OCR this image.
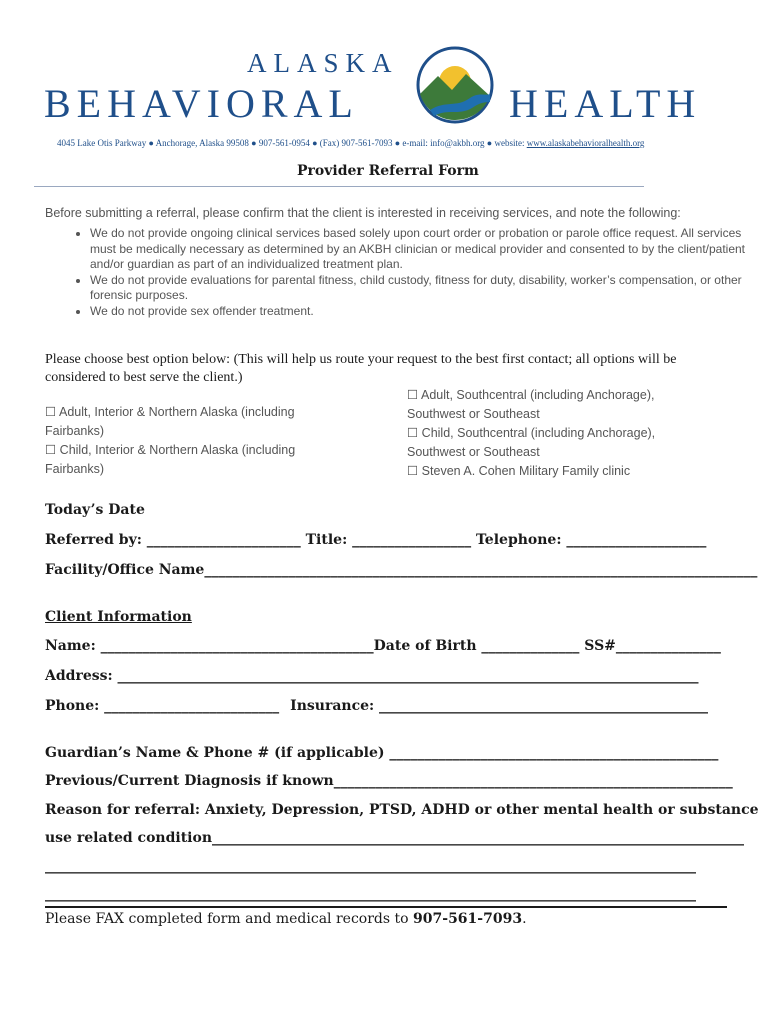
ALASKA
BEHAVIORAL	HEALTH
4045 Lake Otis Parkway ● Anchorage, Alaska 99508 ● 907-561-0954 ● (Fax) 907-561-7093 ● e-mail: info@akbh.org ● website: www.alaskabehavioralhealth.org
Provider Referral Form
Before submitting a referral, please confirm that the client is interested in receiving services, and note the following:
• We do not provide ongoing clinical services based solely upon court order or probation or parole office request. All services must be medically necessary as determined by an AKBH clinician or medical provider and consented to by the client/patient and/or guardian as part of an individualized treatment plan.
• We do not provide evaluations for parental fitness, child custody, fitness for duty, disability, worker’s compensation, or other forensic purposes.
• We do not provide sex offender treatment.
Please choose best option below: (This will help us route your request to the best first contact; all options will be considered to best serve the client.)
☐ Adult, Interior & Northern Alaska (including Fairbanks)
☐ Child, Interior & Northern Alaska (including Fairbanks)
☐ Adult, Southcentral (including Anchorage), Southwest or Southeast
☐ Child, Southcentral (including Anchorage), Southwest or Southeast
☐ Steven A. Cohen Military Family clinic
Today’s Date
Referred by: ______________________ Title: _________________ Telephone: ____________________
Facility/Office Name_______________________________________________________________________________
Client Information
Name: _______________________________________Date of Birth ______________ SS#_______________
Address: ___________________________________________________________________________________
Phone: _________________________ Insurance: _______________________________________________
Guardian’s Name & Phone # (if applicable) _______________________________________________
Previous/Current Diagnosis if known_________________________________________________________
Reason for referral: Anxiety, Depression, PTSD, ADHD or other mental health or substance
use related condition____________________________________________________________________________
_____________________________________________________________________________________________
_____________________________________________________________________________________________
Please FAX completed form and medical records to 907-561-7093.
